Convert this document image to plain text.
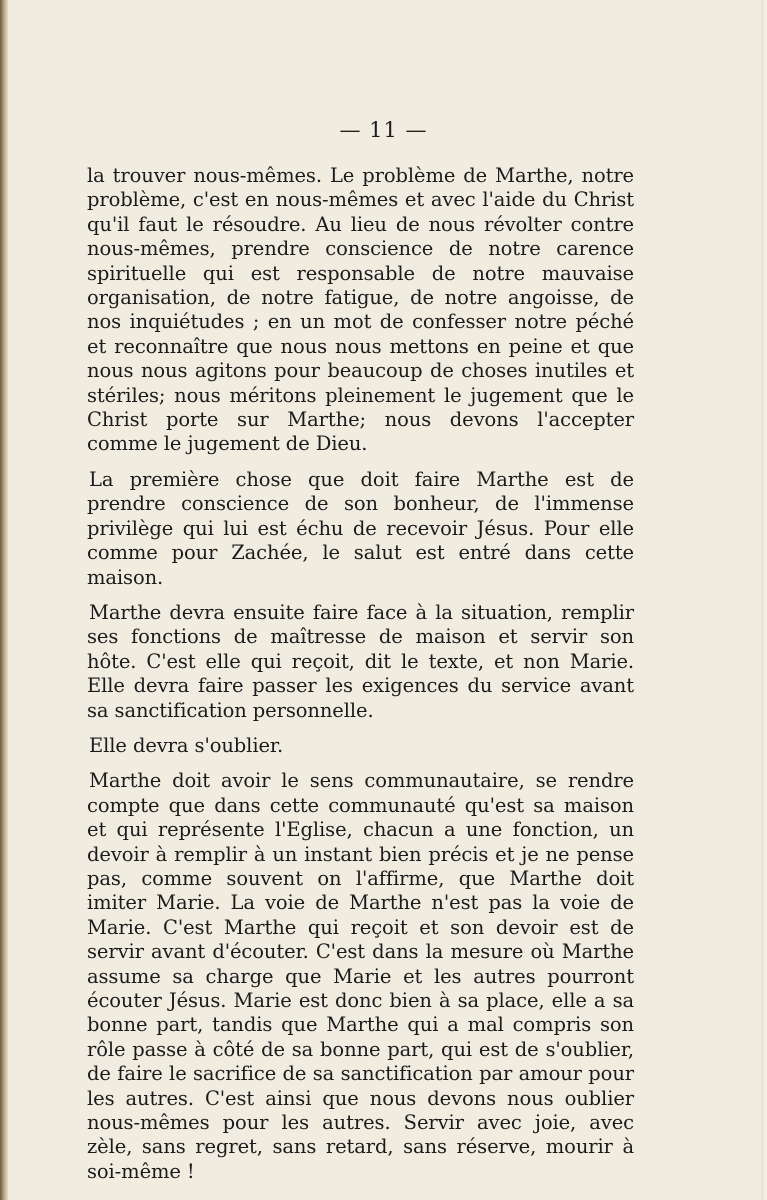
— 11 —

la trouver nous-mêmes. Le problème de Marthe, notre problème, c'est en nous-mêmes et avec l'aide du Christ qu'il faut le résoudre. Au lieu de nous révolter contre nous-mêmes, prendre conscience de notre carence spirituelle qui est responsable de notre mauvaise organisation, de notre fatigue, de notre angoisse, de nos inquiétudes ; en un mot de confesser notre péché et reconnaître que nous nous mettons en peine et que nous nous agitons pour beaucoup de choses inutiles et stériles; nous méritons pleinement le jugement que le Christ porte sur Marthe; nous devons l'accepter comme le jugement de Dieu.

La première chose que doit faire Marthe est de prendre conscience de son bonheur, de l'immense privilège qui lui est échu de recevoir Jésus. Pour elle comme pour Zachée, le salut est entré dans cette maison.

Marthe devra ensuite faire face à la situation, remplir ses fonctions de maîtresse de maison et servir son hôte. C'est elle qui reçoit, dit le texte, et non Marie. Elle devra faire passer les exigences du service avant sa sanctification personnelle.

Elle devra s'oublier.

Marthe doit avoir le sens communautaire, se rendre compte que dans cette communauté qu'est sa maison et qui représente l'Eglise, chacun a une fonction, un devoir à remplir à un instant bien précis et je ne pense pas, comme souvent on l'affirme, que Marthe doit imiter Marie. La voie de Marthe n'est pas la voie de Marie. C'est Marthe qui reçoit et son devoir est de servir avant d'écouter. C'est dans la mesure où Marthe assume sa charge que Marie et les autres pourront écouter Jésus. Marie est donc bien à sa place, elle a sa bonne part, tandis que Marthe qui a mal compris son rôle passe à côté de sa bonne part, qui est de s'oublier, de faire le sacrifice de sa sanctification par amour pour les autres. C'est ainsi que nous devons nous oublier nous-mêmes pour les autres. Servir avec joie, avec zèle, sans regret, sans retard, sans réserve, mourir à soi-même !
